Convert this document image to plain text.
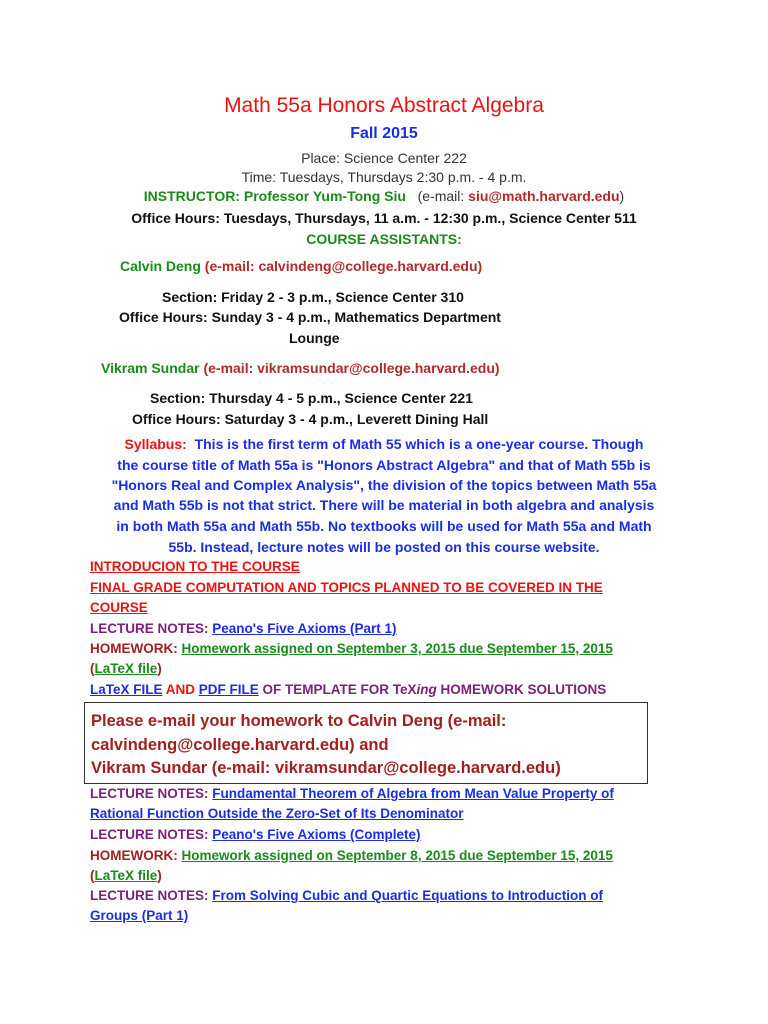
Math 55a Honors Abstract Algebra
Fall 2015
Place: Science Center 222
Time: Tuesdays, Thursdays 2:30 p.m. - 4 p.m.
INSTRUCTOR: Professor Yum-Tong Siu (e-mail: siu@math.harvard.edu)
Office Hours: Tuesdays, Thursdays, 11 a.m. - 12:30 p.m., Science Center 511
COURSE ASSISTANTS:
Calvin Deng (e-mail: calvindeng@college.harvard.edu)
Section: Friday 2 - 3 p.m., Science Center 310
Office Hours: Sunday 3 - 4 p.m., Mathematics Department
Lounge
Vikram Sundar (e-mail: vikramsundar@college.harvard.edu)
Section: Thursday 4 - 5 p.m., Science Center 221
Office Hours: Saturday 3 - 4 p.m., Leverett Dining Hall
Syllabus: This is the first term of Math 55 which is a one-year course. Though
the course title of Math 55a is "Honors Abstract Algebra" and that of Math 55b is
"Honors Real and Complex Analysis", the division of the topics between Math 55a
and Math 55b is not that strict. There will be material in both algebra and analysis
in both Math 55a and Math 55b. No textbooks will be used for Math 55a and Math
55b. Instead, lecture notes will be posted on this course website.
INTRODUCION TO THE COURSE
FINAL GRADE COMPUTATION AND TOPICS PLANNED TO BE COVERED IN THE
COURSE
LECTURE NOTES: Peano's Five Axioms (Part 1)
HOMEWORK: Homework assigned on September 3, 2015 due September 15, 2015
(LaTeX file)
LaTeX FILE AND PDF FILE OF TEMPLATE FOR TeXing HOMEWORK SOLUTIONS
Please e-mail your homework to Calvin Deng (e-mail:
calvindeng@college.harvard.edu) and
Vikram Sundar (e-mail: vikramsundar@college.harvard.edu)
LECTURE NOTES: Fundamental Theorem of Algebra from Mean Value Property of
Rational Function Outside the Zero-Set of Its Denominator
LECTURE NOTES: Peano's Five Axioms (Complete)
HOMEWORK: Homework assigned on September 8, 2015 due September 15, 2015
(LaTeX file)
LECTURE NOTES: From Solving Cubic and Quartic Equations to Introduction of
Groups (Part 1)
